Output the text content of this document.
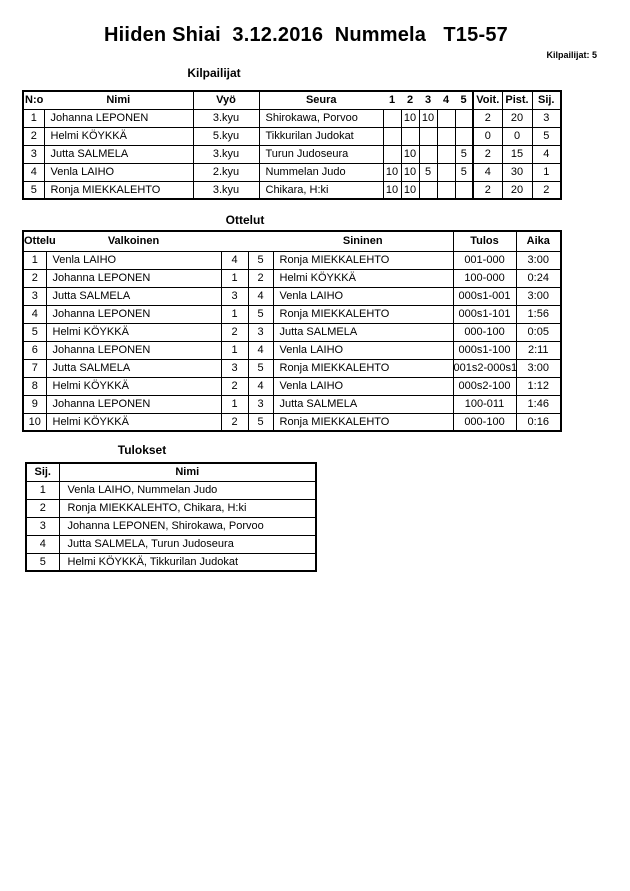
Hiiden Shiai  3.12.2016  Nummela   T15-57
Kilpailijat: 5
Kilpailijat
N:o	Nimi	Vyö	Seura	1	2	3	4	5	Voit.	Pist.	Sij.
1	Johanna LEPONEN	3.kyu	Shirokawa, Porvoo		10	10			2	20	3
2	Helmi KÖYKKÄ	5.kyu	Tikkurilan Judokat						0	0	5
3	Jutta SALMELA	3.kyu	Turun Judoseura		10			5	2	15	4
4	Venla LAIHO	2.kyu	Nummelan Judo	10	10	5		5	4	30	1
5	Ronja MIEKKALEHTO	3.kyu	Chikara, H:ki	10	10				2	20	2
Ottelut
Ottelu	Valkoinen			Sininen	Tulos	Aika
1	Venla LAIHO	4	5	Ronja MIEKKALEHTO	001-000	3:00
2	Johanna LEPONEN	1	2	Helmi KÖYKKÄ	100-000	0:24
3	Jutta SALMELA	3	4	Venla LAIHO	000s1-001	3:00
4	Johanna LEPONEN	1	5	Ronja MIEKKALEHTO	000s1-101	1:56
5	Helmi KÖYKKÄ	2	3	Jutta SALMELA	000-100	0:05
6	Johanna LEPONEN	1	4	Venla LAIHO	000s1-100	2:11
7	Jutta SALMELA	3	5	Ronja MIEKKALEHTO	001s2-000s1	3:00
8	Helmi KÖYKKÄ	2	4	Venla LAIHO	000s2-100	1:12
9	Johanna LEPONEN	1	3	Jutta SALMELA	100-011	1:46
10	Helmi KÖYKKÄ	2	5	Ronja MIEKKALEHTO	000-100	0:16
Tulokset
Sij.	Nimi
1	Venla LAIHO, Nummelan Judo
2	Ronja MIEKKALEHTO, Chikara, H:ki
3	Johanna LEPONEN, Shirokawa, Porvoo
4	Jutta SALMELA, Turun Judoseura
5	Helmi KÖYKKÄ, Tikkurilan Judokat
